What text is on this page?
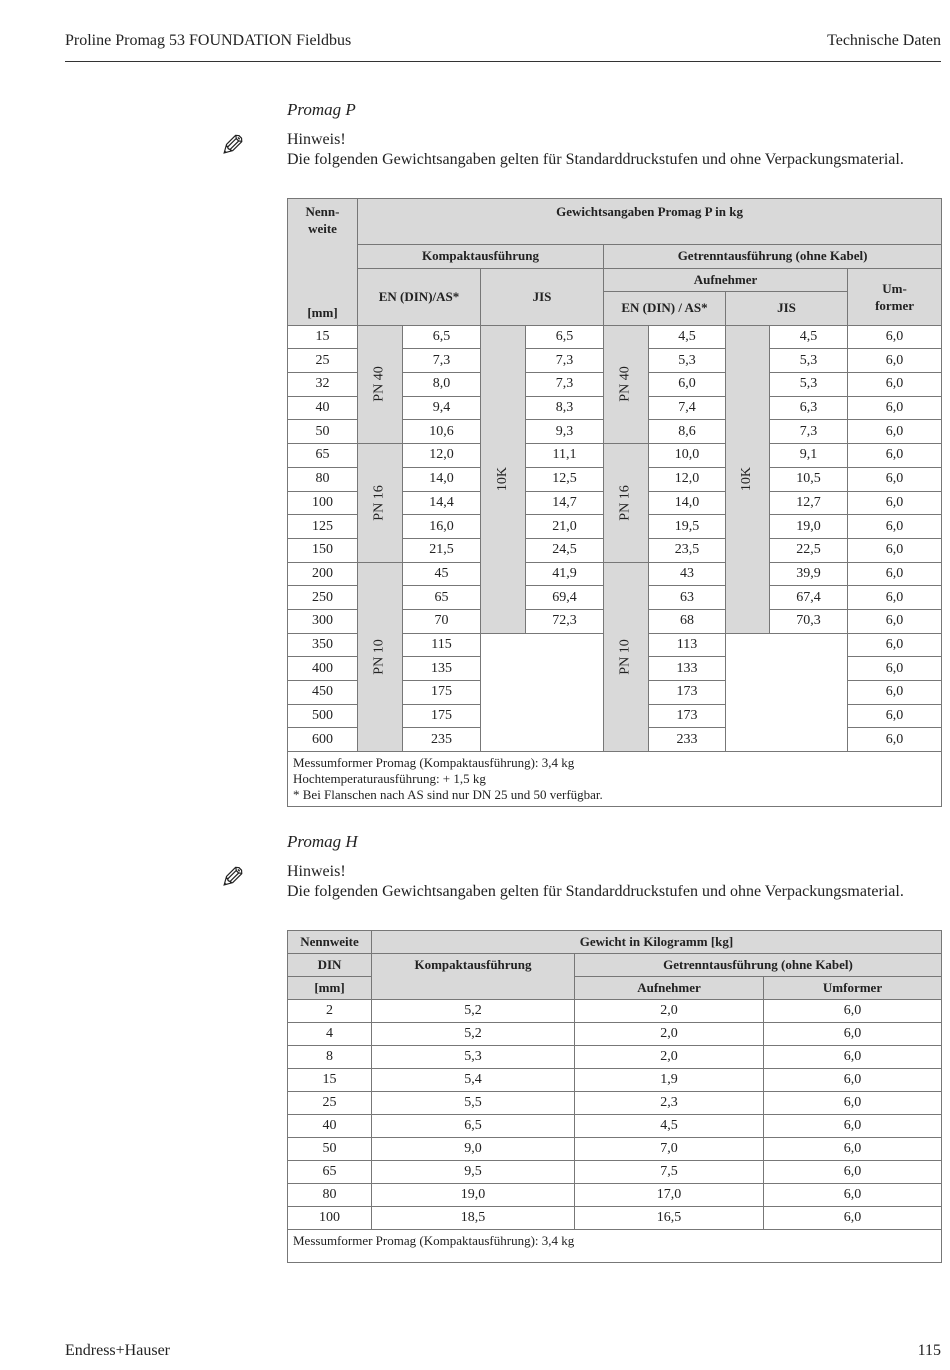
Proline Promag 53 FOUNDATION Fieldbus	Technische Daten
Promag P
✎	Hinweis!
Die folgenden Gewichtsangaben gelten für Standarddruckstufen und ohne Verpackungsmaterial.
Nenn-
weite
[mm]	Gewichtsangaben Promag P in kg								
	Kompaktausführung				Getrenntausführung (ohne Kabel)				
	EN (DIN)/AS*		JIS		Aufnehmer				Um-
former
					EN (DIN) / AS*		JIS		
15	PN 40	6,5	10K	6,5	PN 40	4,5	10K	4,5	6,0
25		7,3		7,3		5,3		5,3	6,0
32		8,0		7,3		6,0		5,3	6,0
40		9,4		8,3		7,4		6,3	6,0
50		10,6		9,3		8,6		7,3	6,0
65	PN 16	12,0		11,1	PN 16	10,0		9,1	6,0
80		14,0		12,5		12,0		10,5	6,0
100		14,4		14,7		14,0		12,7	6,0
125		16,0		21,0		19,5		19,0	6,0
150		21,5		24,5		23,5		22,5	6,0
200	PN 10	45		41,9	PN 10	43		39,9	6,0
250		65		69,4		63		67,4	6,0
300		70		72,3		68		70,3	6,0
350		115				113			6,0
400		135				133			6,0
450		175				173			6,0
500		175				173			6,0
600		235				233			6,0

Messumformer Promag (Kompaktausführung): 3,4 kg
Hochtemperaturausführung: + 1,5 kg
* Bei Flanschen nach AS sind nur DN 25 und 50 verfügbar.									
Promag H
✎	Hinweis!
Die folgenden Gewichtsangaben gelten für Standarddruckstufen und ohne Verpackungsmaterial.
Nennweite	Gewicht in Kilogramm [kg]		
DIN	Kompaktausführung	Getrenntausführung (ohne Kabel)	
[mm]		Aufnehmer	Umformer
2	5,2	2,0	6,0
4	5,2	2,0	6,0
8	5,3	2,0	6,0
15	5,4	1,9	6,0
25	5,5	2,3	6,0
40	6,5	4,5	6,0
50	9,0	7,0	6,0
65	9,5	7,5	6,0
80	19,0	17,0	6,0
100	18,5	16,5	6,0
Messumformer Promag (Kompaktausführung): 3,4 kg			
Endress+Hauser	115
